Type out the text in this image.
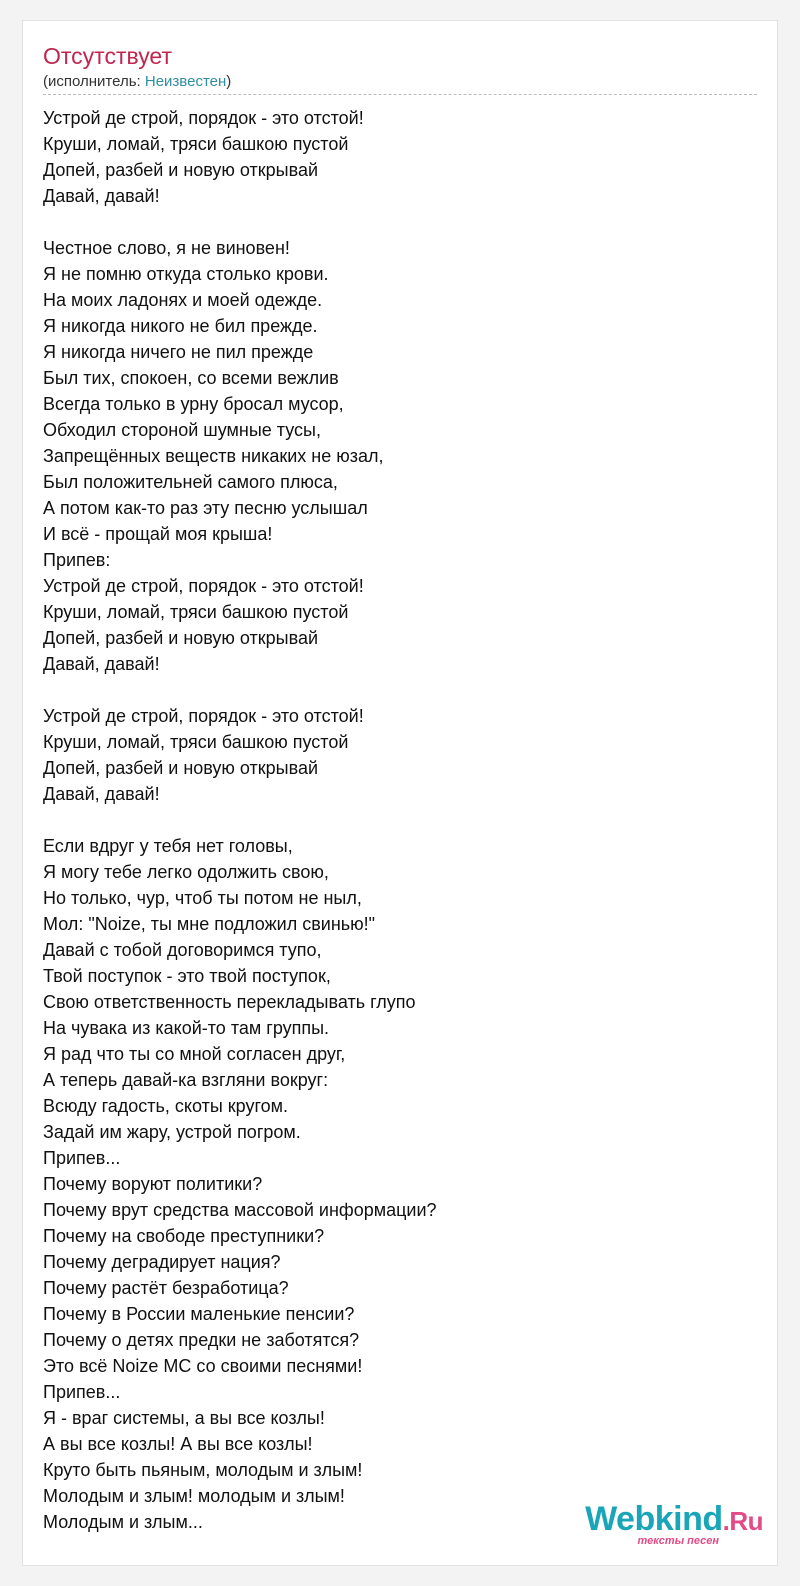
Отсутствует
(исполнитель: Неизвестен)
Устрой де строй, порядок - это отстой!
Круши, ломай, тряси башкою пустой
Допей, разбей и новую открывай
Давай, давай!
Честное слово, я не виновен!
Я не помню откуда столько крови.
На моих ладонях и моей одежде.
Я никогда никого не бил прежде.
Я никогда ничего не пил прежде
Был тих, спокоен, со всеми вежлив
Всегда только в урну бросал мусор,
Обходил стороной шумные тусы,
Запрещённых веществ никаких не юзал,
Был положительней самого плюса,
А потом как-то раз эту песню услышал
И всё - прощай моя крыша!
Припев:
Устрой де строй, порядок - это отстой!
Круши, ломай, тряси башкою пустой
Допей, разбей и новую открывай
Давай, давай!
Устрой де строй, порядок - это отстой!
Круши, ломай, тряси башкою пустой
Допей, разбей и новую открывай
Давай, давай!
Если вдруг у тебя нет головы,
Я могу тебе легко одолжить свою,
Но только, чур, чтоб ты потом не ныл,
Мол: "Noize, ты мне подложил свинью!"
Давай с тобой договоримся тупо,
Твой поступок - это твой поступок,
Свою ответственность перекладывать глупо
На чувака из какой-то там группы.
Я рад что ты со мной согласен друг,
А теперь давай-ка взгляни вокруг:
Всюду гадость, скоты кругом.
Задай им жару, устрой погром.
Припев...
Почему воруют политики?
Почему врут средства массовой информации?
Почему на свободе преступники?
Почему деградирует нация?
Почему растёт безработица?
Почему в России маленькие пенсии?
Почему о детях предки не заботятся?
Это всё Noize MC со своими песнями!
Припев...
Я - враг системы, а вы все козлы!
А вы все козлы! А вы все козлы!
Круто быть пьяным, молодым и злым!
Молодым и злым! молодым и злым!
Молодым и злым...	Webkind.Ru
тексты песен
